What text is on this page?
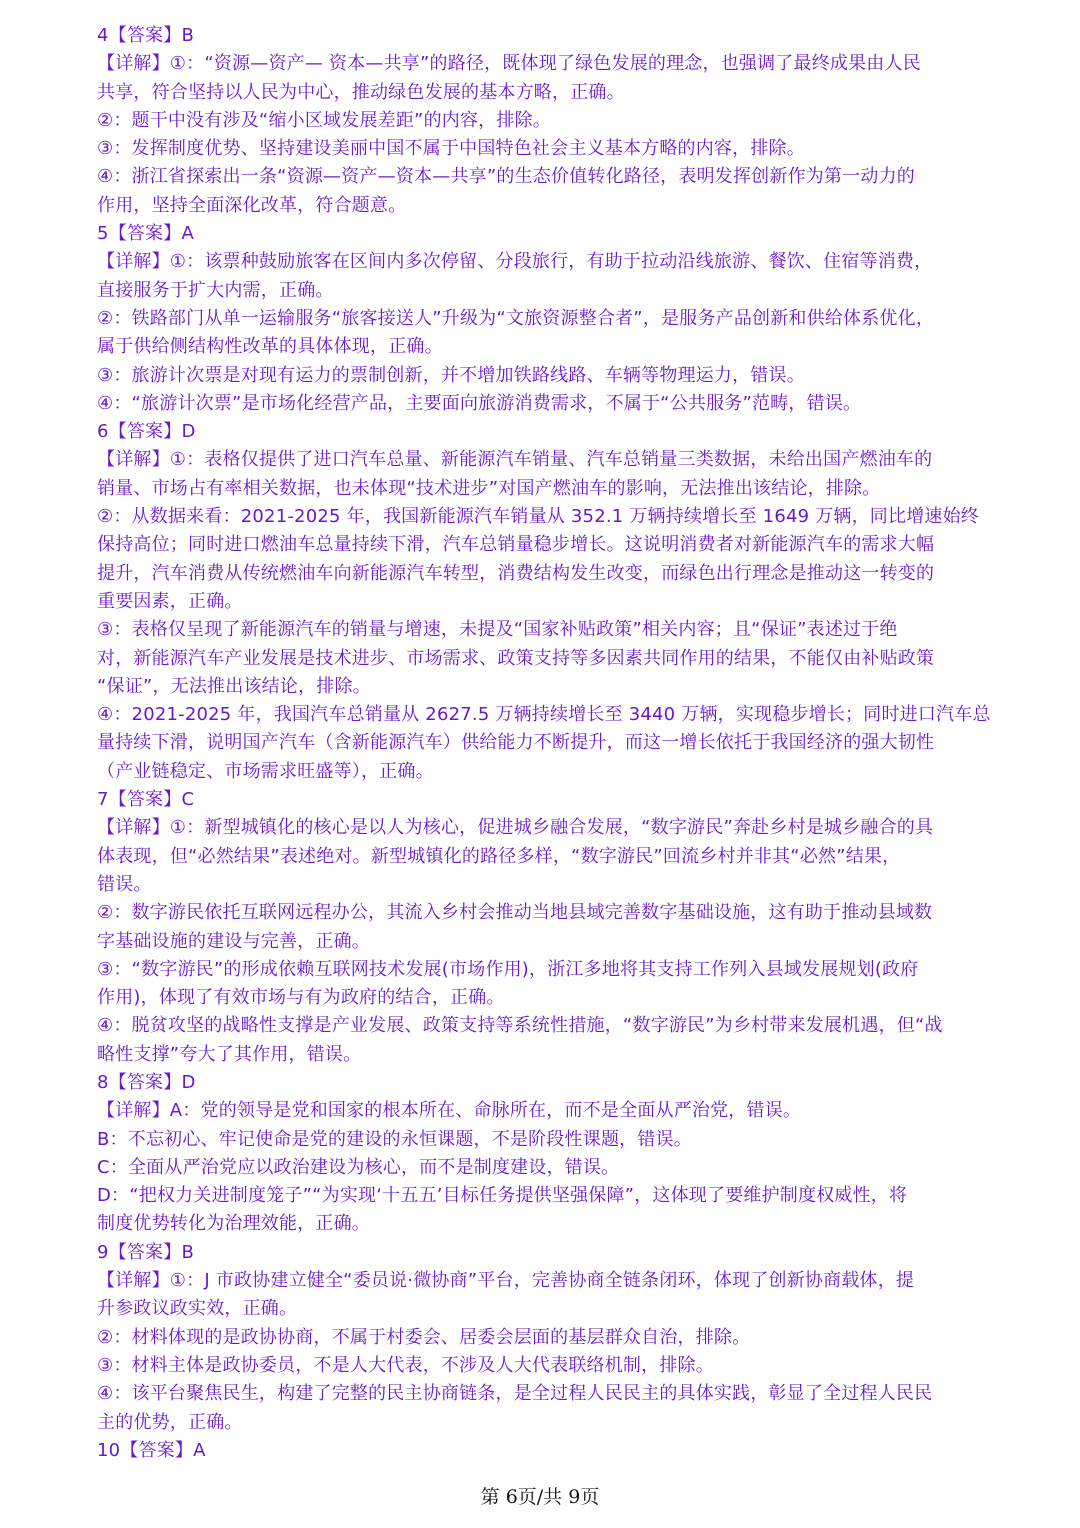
4【答案】B
【详解】①：“资源—资产— 资本—共享”的路径，既体现了绿色发展的理念，也强调了最终成果由人民
共享，符合坚持以人民为中心，推动绿色发展的基本方略，正确。
②：题干中没有涉及“缩小区域发展差距”的内容，排除。
③：发挥制度优势、坚持建设美丽中国不属于中国特色社会主义基本方略的内容，排除。
④：浙江省探索出一条“资源—资产—资本—共享”的生态价值转化路径，表明发挥创新作为第一动力的
作用，坚持全面深化改革，符合题意。
5【答案】A
【详解】①：该票种鼓励旅客在区间内多次停留、分段旅行，有助于拉动沿线旅游、餐饮、住宿等消费，
直接服务于扩大内需，正确。
②：铁路部门从单一运输服务“旅客接送人”升级为“文旅资源整合者”，是服务产品创新和供给体系优化，
属于供给侧结构性改革的具体体现，正确。
③：旅游计次票是对现有运力的票制创新，并不增加铁路线路、车辆等物理运力，错误。
④：“旅游计次票”是市场化经营产品，主要面向旅游消费需求，不属于“公共服务”范畴，错误。
6【答案】D
【详解】①：表格仅提供了进口汽车总量、新能源汽车销量、汽车总销量三类数据，未给出国产燃油车的
销量、市场占有率相关数据，也未体现“技术进步”对国产燃油车的影响，无法推出该结论，排除。
②：从数据来看：2021-2025 年，我国新能源汽车销量从 352.1 万辆持续增长至 1649 万辆，同比增速始终
保持高位；同时进口燃油车总量持续下滑，汽车总销量稳步增长。这说明消费者对新能源汽车的需求大幅
提升，汽车消费从传统燃油车向新能源汽车转型，消费结构发生改变，而绿色出行理念是推动这一转变的
重要因素，正确。
③：表格仅呈现了新能源汽车的销量与增速，未提及“国家补贴政策”相关内容；且“保证”表述过于绝
对，新能源汽车产业发展是技术进步、市场需求、政策支持等多因素共同作用的结果，不能仅由补贴政策
“保证”，无法推出该结论，排除。
④：2021-2025 年，我国汽车总销量从 2627.5 万辆持续增长至 3440 万辆，实现稳步增长；同时进口汽车总
量持续下滑，说明国产汽车（含新能源汽车）供给能力不断提升，而这一增长依托于我国经济的强大韧性
（产业链稳定、市场需求旺盛等），正确。
7【答案】C
【详解】①：新型城镇化的核心是以人为核心，促进城乡融合发展，“数字游民”奔赴乡村是城乡融合的具
体表现，但“必然结果”表述绝对。新型城镇化的路径多样，“数字游民”回流乡村并非其“必然”结果，
错误。
②：数字游民依托互联网远程办公，其流入乡村会推动当地县域完善数字基础设施，这有助于推动县域数
字基础设施的建设与完善，正确。
③：“数字游民”的形成依赖互联网技术发展(市场作用)，浙江多地将其支持工作列入县域发展规划(政府
作用)，体现了有效市场与有为政府的结合，正确。
④：脱贫攻坚的战略性支撑是产业发展、政策支持等系统性措施，“数字游民”为乡村带来发展机遇，但“战
略性支撑”夸大了其作用，错误。
8【答案】D
【详解】A：党的领导是党和国家的根本所在、命脉所在，而不是全面从严治党，错误。
B：不忘初心、牢记使命是党的建设的永恒课题，不是阶段性课题，错误。
C：全面从严治党应以政治建设为核心，而不是制度建设，错误。
D：“把权力关进制度笼子”“为实现‘十五五’目标任务提供坚强保障”，这体现了要维护制度权威性，将
制度优势转化为治理效能，正确。
9【答案】B
【详解】①：J 市政协建立健全“委员说·微协商”平台，完善协商全链条闭环，体现了创新协商载体，提
升参政议政实效，正确。
②：材料体现的是政协协商，不属于村委会、居委会层面的基层群众自治，排除。
③：材料主体是政协委员，不是人大代表，不涉及人大代表联络机制，排除。
④：该平台聚焦民生，构建了完整的民主协商链条，是全过程人民民主的具体实践，彰显了全过程人民民
主的优势，正确。
10【答案】A
第 6页/共 9页
